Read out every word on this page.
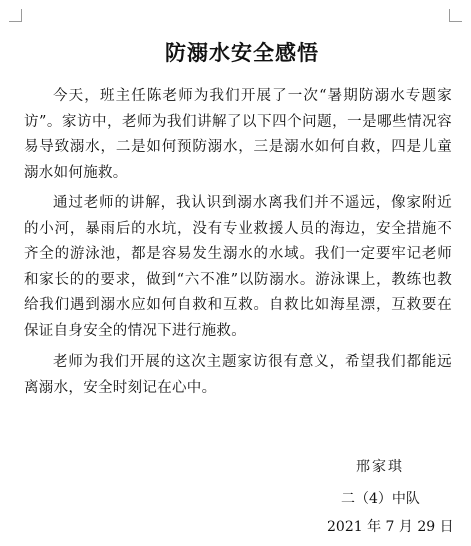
防溺水安全感悟

今天，班主任陈老师为我们开展了一次“暑期防溺水专题家访”。家访中，老师为我们讲解了以下四个问题，一是哪些情况容易导致溺水，二是如何预防溺水，三是溺水如何自救，四是儿童溺水如何施救。

通过老师的讲解，我认识到溺水离我们并不遥远，像家附近的小河，暴雨后的水坑，没有专业救援人员的海边，安全措施不齐全的游泳池，都是容易发生溺水的水域。我们一定要牢记老师和家长的的要求，做到“六不准”以防溺水。游泳课上，教练也教给我们遇到溺水应如何自救和互救。自救比如海星漂，互救要在保证自身安全的情况下进行施救。

老师为我们开展的这次主题家访很有意义，希望我们都能远离溺水，安全时刻记在心中。

邢家琪
二（4）中队
2021 年 7 月 29 日
